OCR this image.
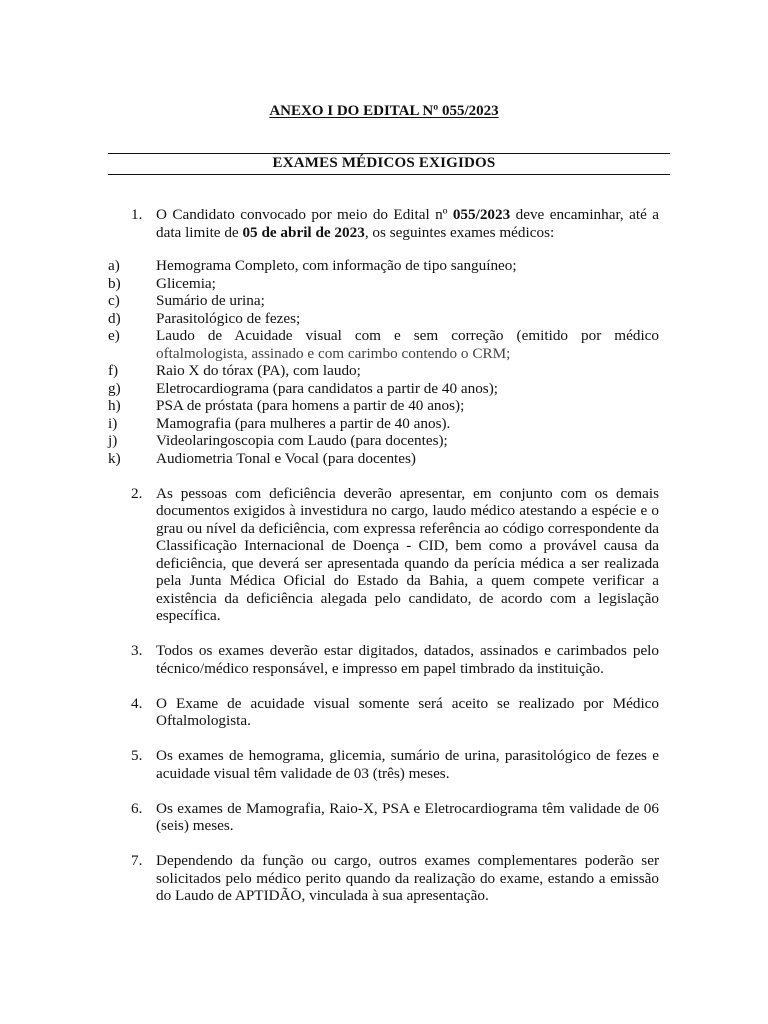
ANEXO I DO EDITAL Nº 055/2023
EXAMES MÉDICOS EXIGIDOS
1. O Candidato convocado por meio do Edital nº 055/2023 deve encaminhar, até a data limite de 05 de abril de 2023, os seguintes exames médicos:
a) Hemograma Completo, com informação de tipo sanguíneo;
b) Glicemia;
c) Sumário de urina;
d) Parasitológico de fezes;
e) Laudo de Acuidade visual com e sem correção (emitido por médico oftalmologista, assinado e com carimbo contendo o CRM;
f) Raio X do tórax (PA), com laudo;
g) Eletrocardiograma (para candidatos a partir de 40 anos);
h) PSA de próstata (para homens a partir de 40 anos);
i)	Mamografia (para mulheres a partir de 40 anos).
j)	Videolaringoscopia com Laudo (para docentes);
k) Audiometria Tonal e Vocal (para docentes)
2. As pessoas com deficiência deverão apresentar, em conjunto com os demais documentos exigidos à investidura no cargo, laudo médico atestando a espécie e o grau ou nível da deficiência, com expressa referência ao código correspondente da Classificação Internacional de Doença - CID, bem como a provável causa da deficiência, que deverá ser apresentada quando da perícia médica a ser realizada pela Junta Médica Oficial do Estado da Bahia, a quem compete verificar a existência da deficiência alegada pelo candidato, de acordo com a legislação específica.
3. Todos os exames deverão estar digitados, datados, assinados e carimbados pelo técnico/médico responsável, e impresso em papel timbrado da instituição.
4. O Exame de acuidade visual somente será aceito se realizado por Médico Oftalmologista.
5. Os exames de hemograma, glicemia, sumário de urina, parasitológico de fezes e acuidade visual têm validade de 03 (três) meses.
6. Os exames de Mamografia, Raio-X, PSA e Eletrocardiograma têm validade de 06 (seis) meses.
7. Dependendo da função ou cargo, outros exames complementares poderão ser solicitados pelo médico perito quando da realização do exame, estando a emissão do Laudo de APTIDÃO, vinculada à sua apresentação.
